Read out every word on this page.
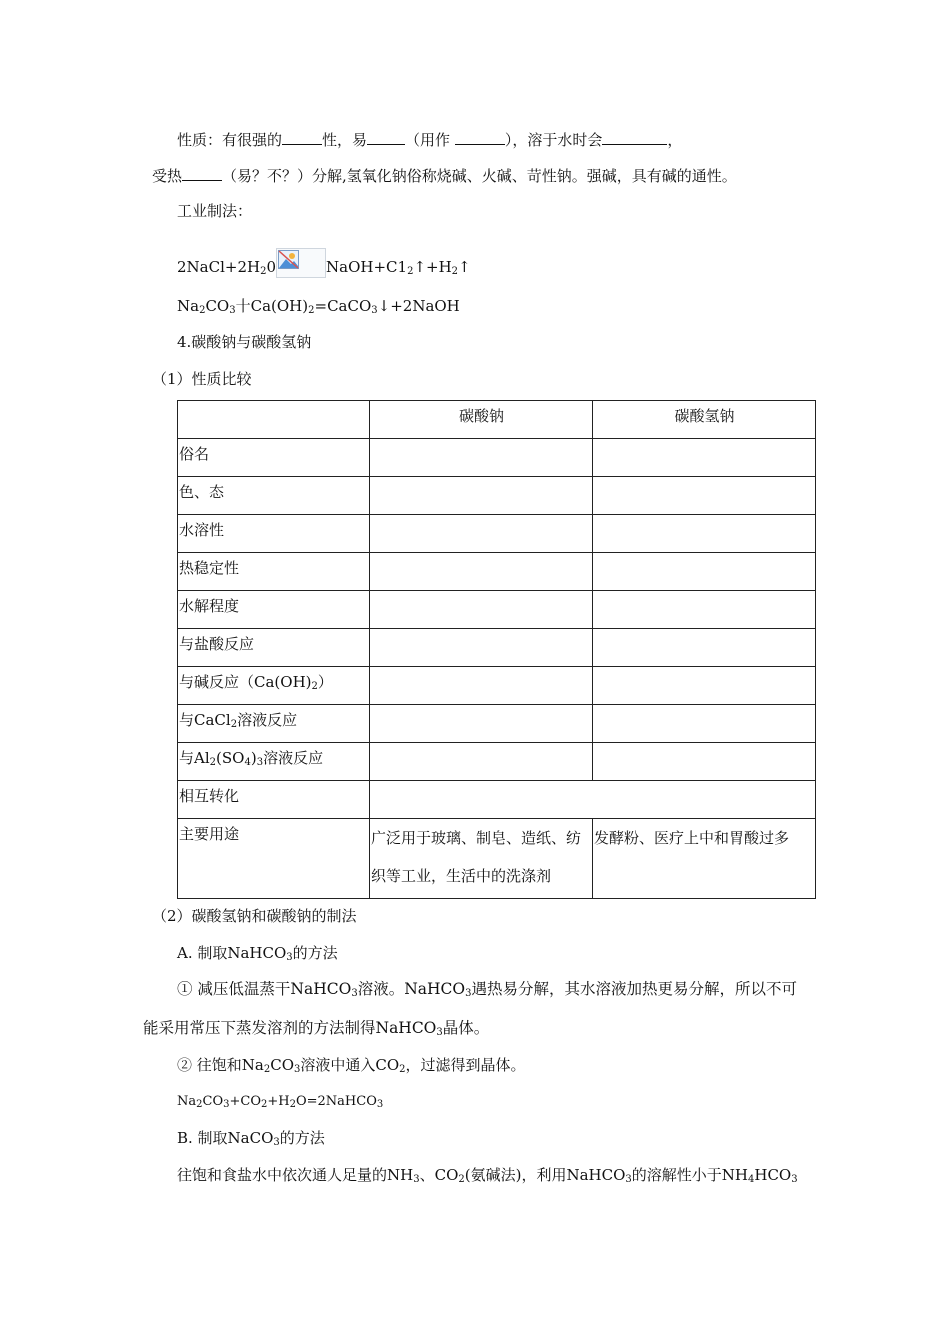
性质：有很强的	性，易	（用作	），溶于水时会	，
受热	（易？不？）分解,氢氧化钠俗称烧碱、火碱、苛性钠。强碱，具有碱的通性。
工业制法：
$2NaCl+2H_20$	$NaOH+C1_2↑+H_2↑$
$Na_2CO_3$十$Ca(OH)_2=CaCO_3↓+2NaOH$
4.碳酸钠与碳酸氢钠
（1）性质比较
	碳酸钠	碳酸氢钠
俗名		
色、态		
水溶性		
热稳定性		
水解程度		
与盐酸反应		
与碱反应$(Ca(OH)_2)$		
与CaCl$_2$溶液反应		
与$Al_2(SO_4)_3$溶液反应		
相互转化		
主要用途	广泛用于玻璃、制皂、造纸、纺织等工业，生活中的洗涤剂	发酵粉、医疗上中和胃酸过多
（2）碳酸氢钠和碳酸钠的制法
A. 制取NaHCO$_3$的方法
① 减压低温蒸干NaHCO$_3$溶液。NaHCO$_3$遇热易分解，其水溶液加热更易分解，所以不可
能采用常压下蒸发溶剂的方法制得NaHCO$_3$晶体。
② 往饱和$Na_2CO_3$溶液中通入$CO_2$，过滤得到晶体。
$Na_2CO_3+CO_2+H_2O=2NaHCO_3$
B. 制取NaCO$_3$的方法
往饱和食盐水中依次通人足量的$NH_3$、$CO_2$(氨碱法)，利用NaHCO$_3$的溶解性小于$NH_4HCO_3$
